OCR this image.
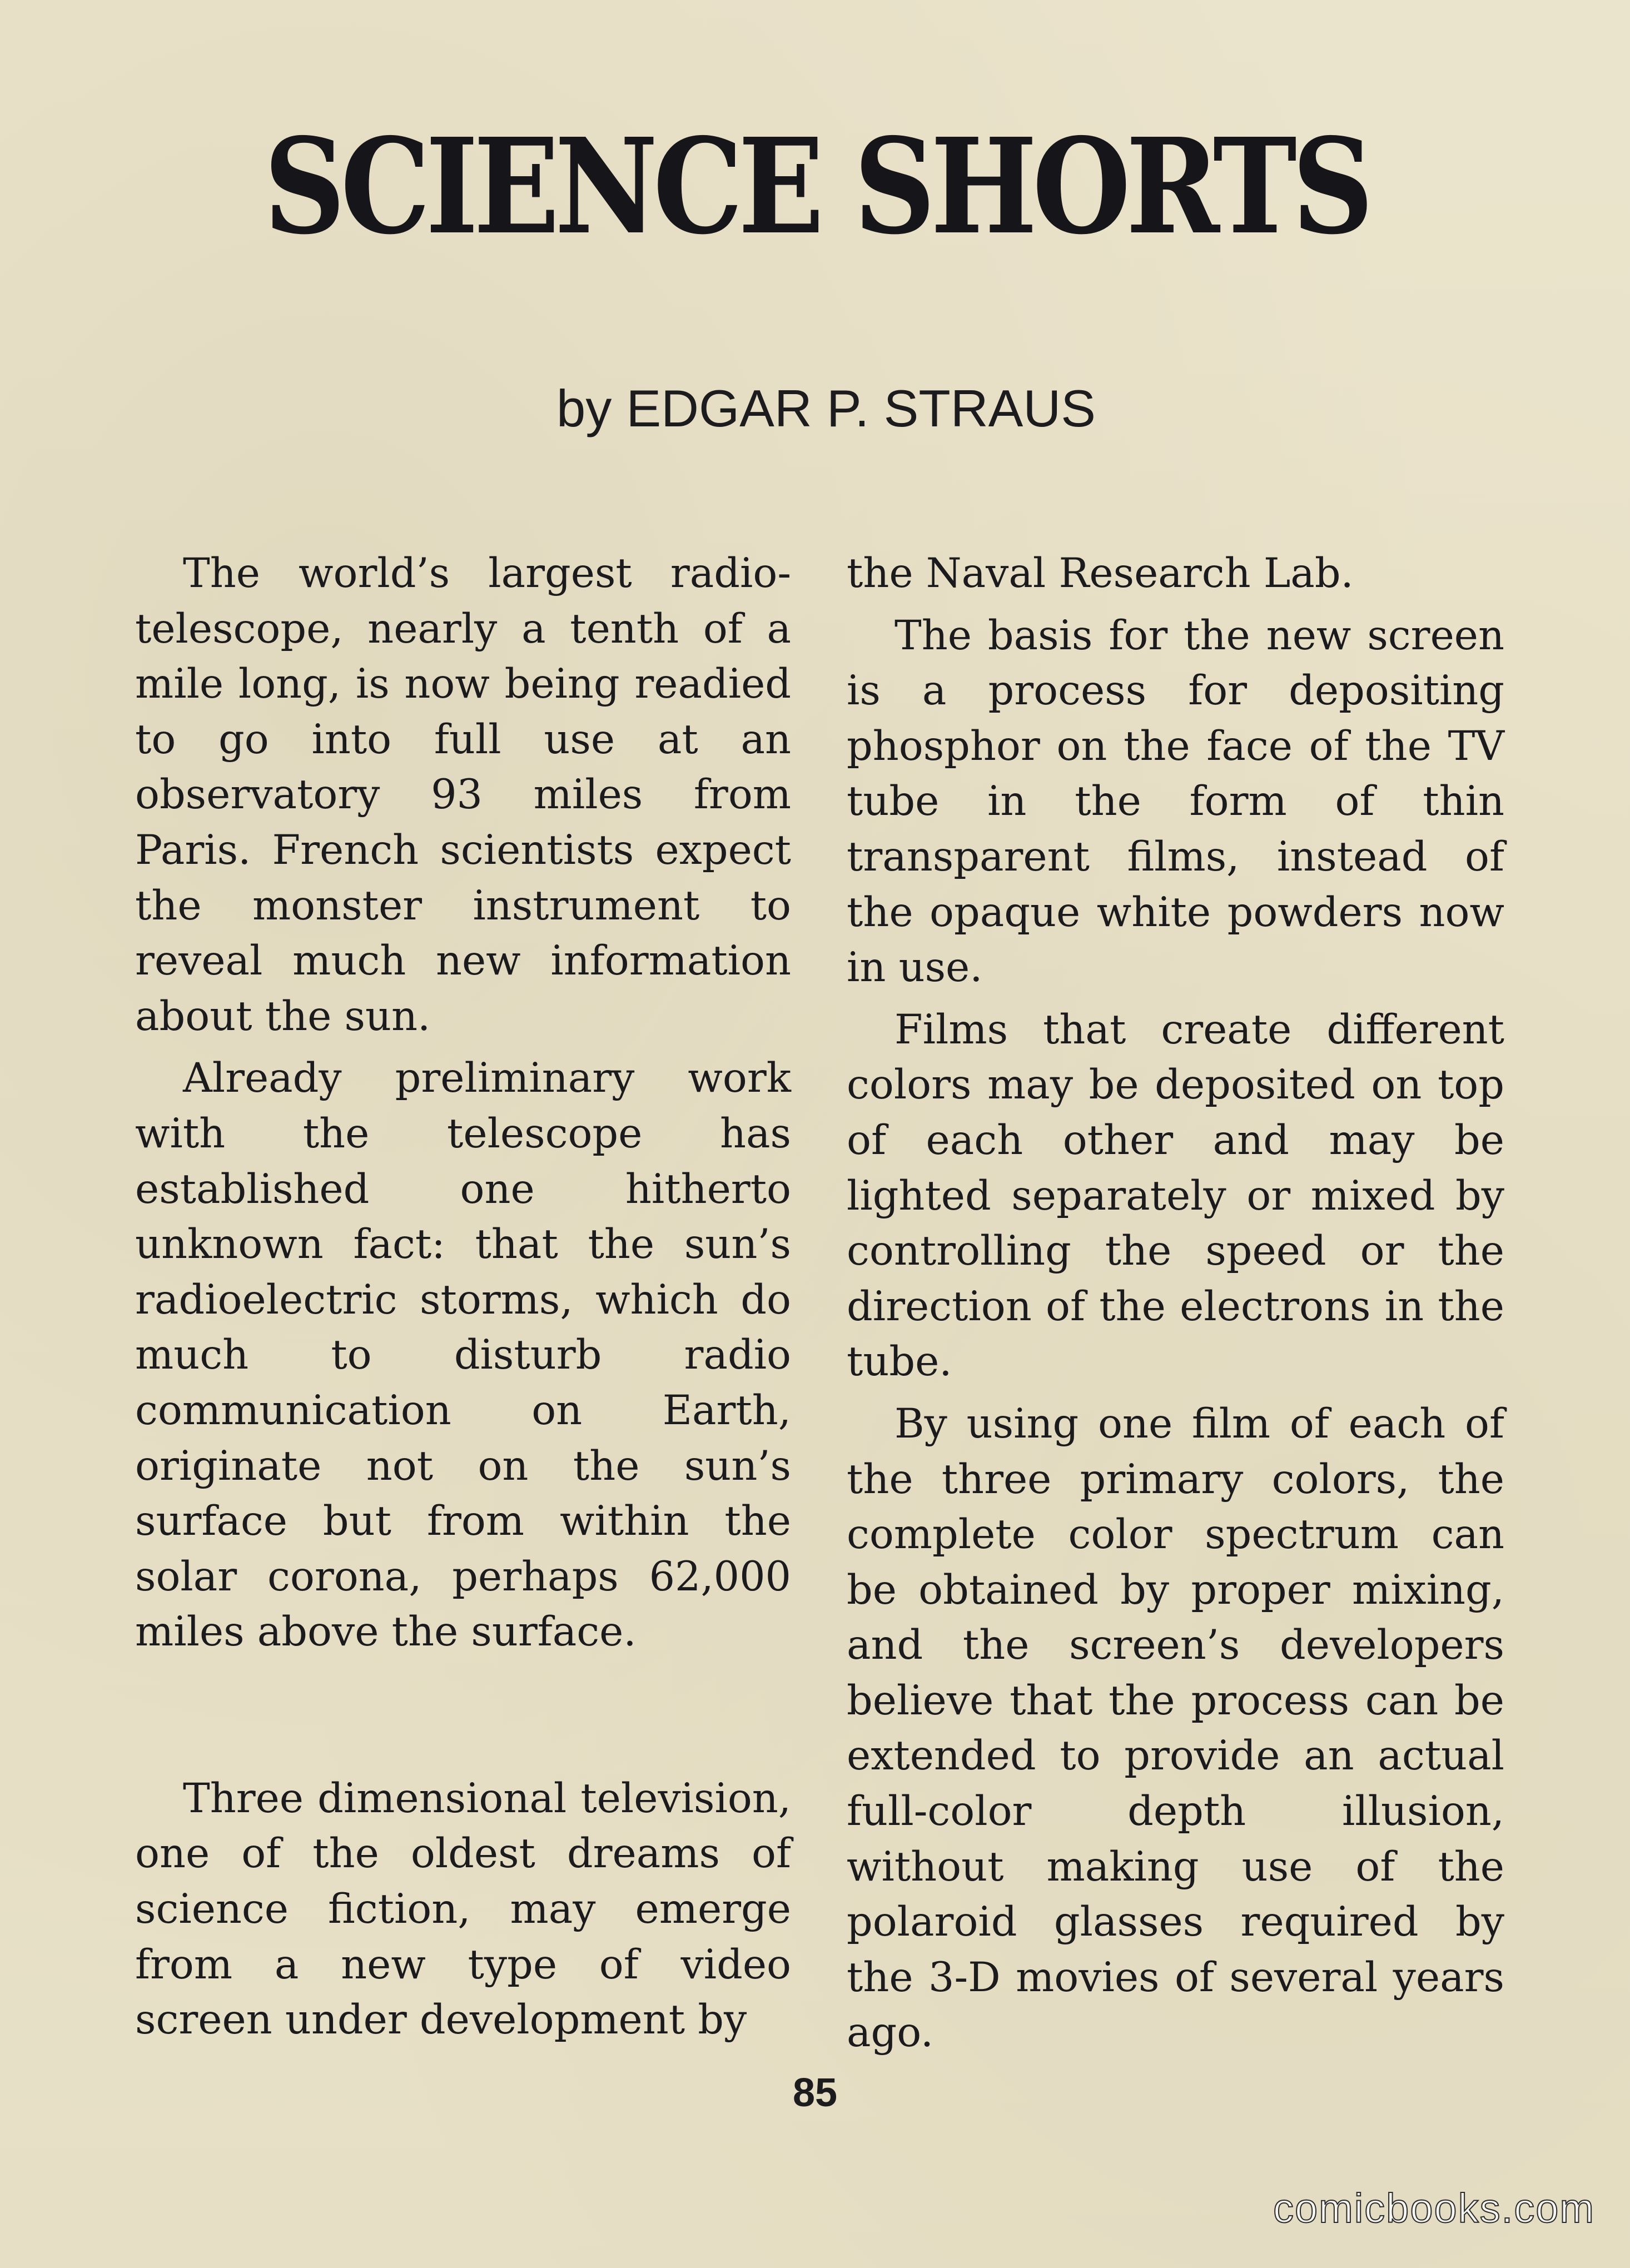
SCIENCE SHORTS
by EDGAR P. STRAUS

The world’s largest radio-telescope, nearly a tenth of a mile long, is now being readied to go into full use at an observatory 93 miles from Paris. French scientists expect the monster instrument to reveal much new information about the sun.

Already preliminary work with the telescope has established one hitherto unknown fact: that the sun’s radioelectric storms, which do much to disturb radio communication on Earth, originate not on the sun’s surface but from within the solar corona, perhaps 62,000 miles above the surface.

Three dimensional television, one of the oldest dreams of science fiction, may emerge from a new type of video screen under development by

the Naval Research Lab.

The basis for the new screen is a process for depositing phosphor on the face of the TV tube in the form of thin transparent films, instead of the opaque white powders now in use.

Films that create different colors may be deposited on top of each other and may be lighted separately or mixed by controlling the speed or the direction of the electrons in the tube.

By using one film of each of the three primary colors, the complete color spectrum can be obtained by proper mixing, and the screen’s developers believe that the process can be extended to provide an actual full-color depth illusion, without making use of the polaroid glasses required by the 3-D movies of several years ago.

85
comicbooks.com
